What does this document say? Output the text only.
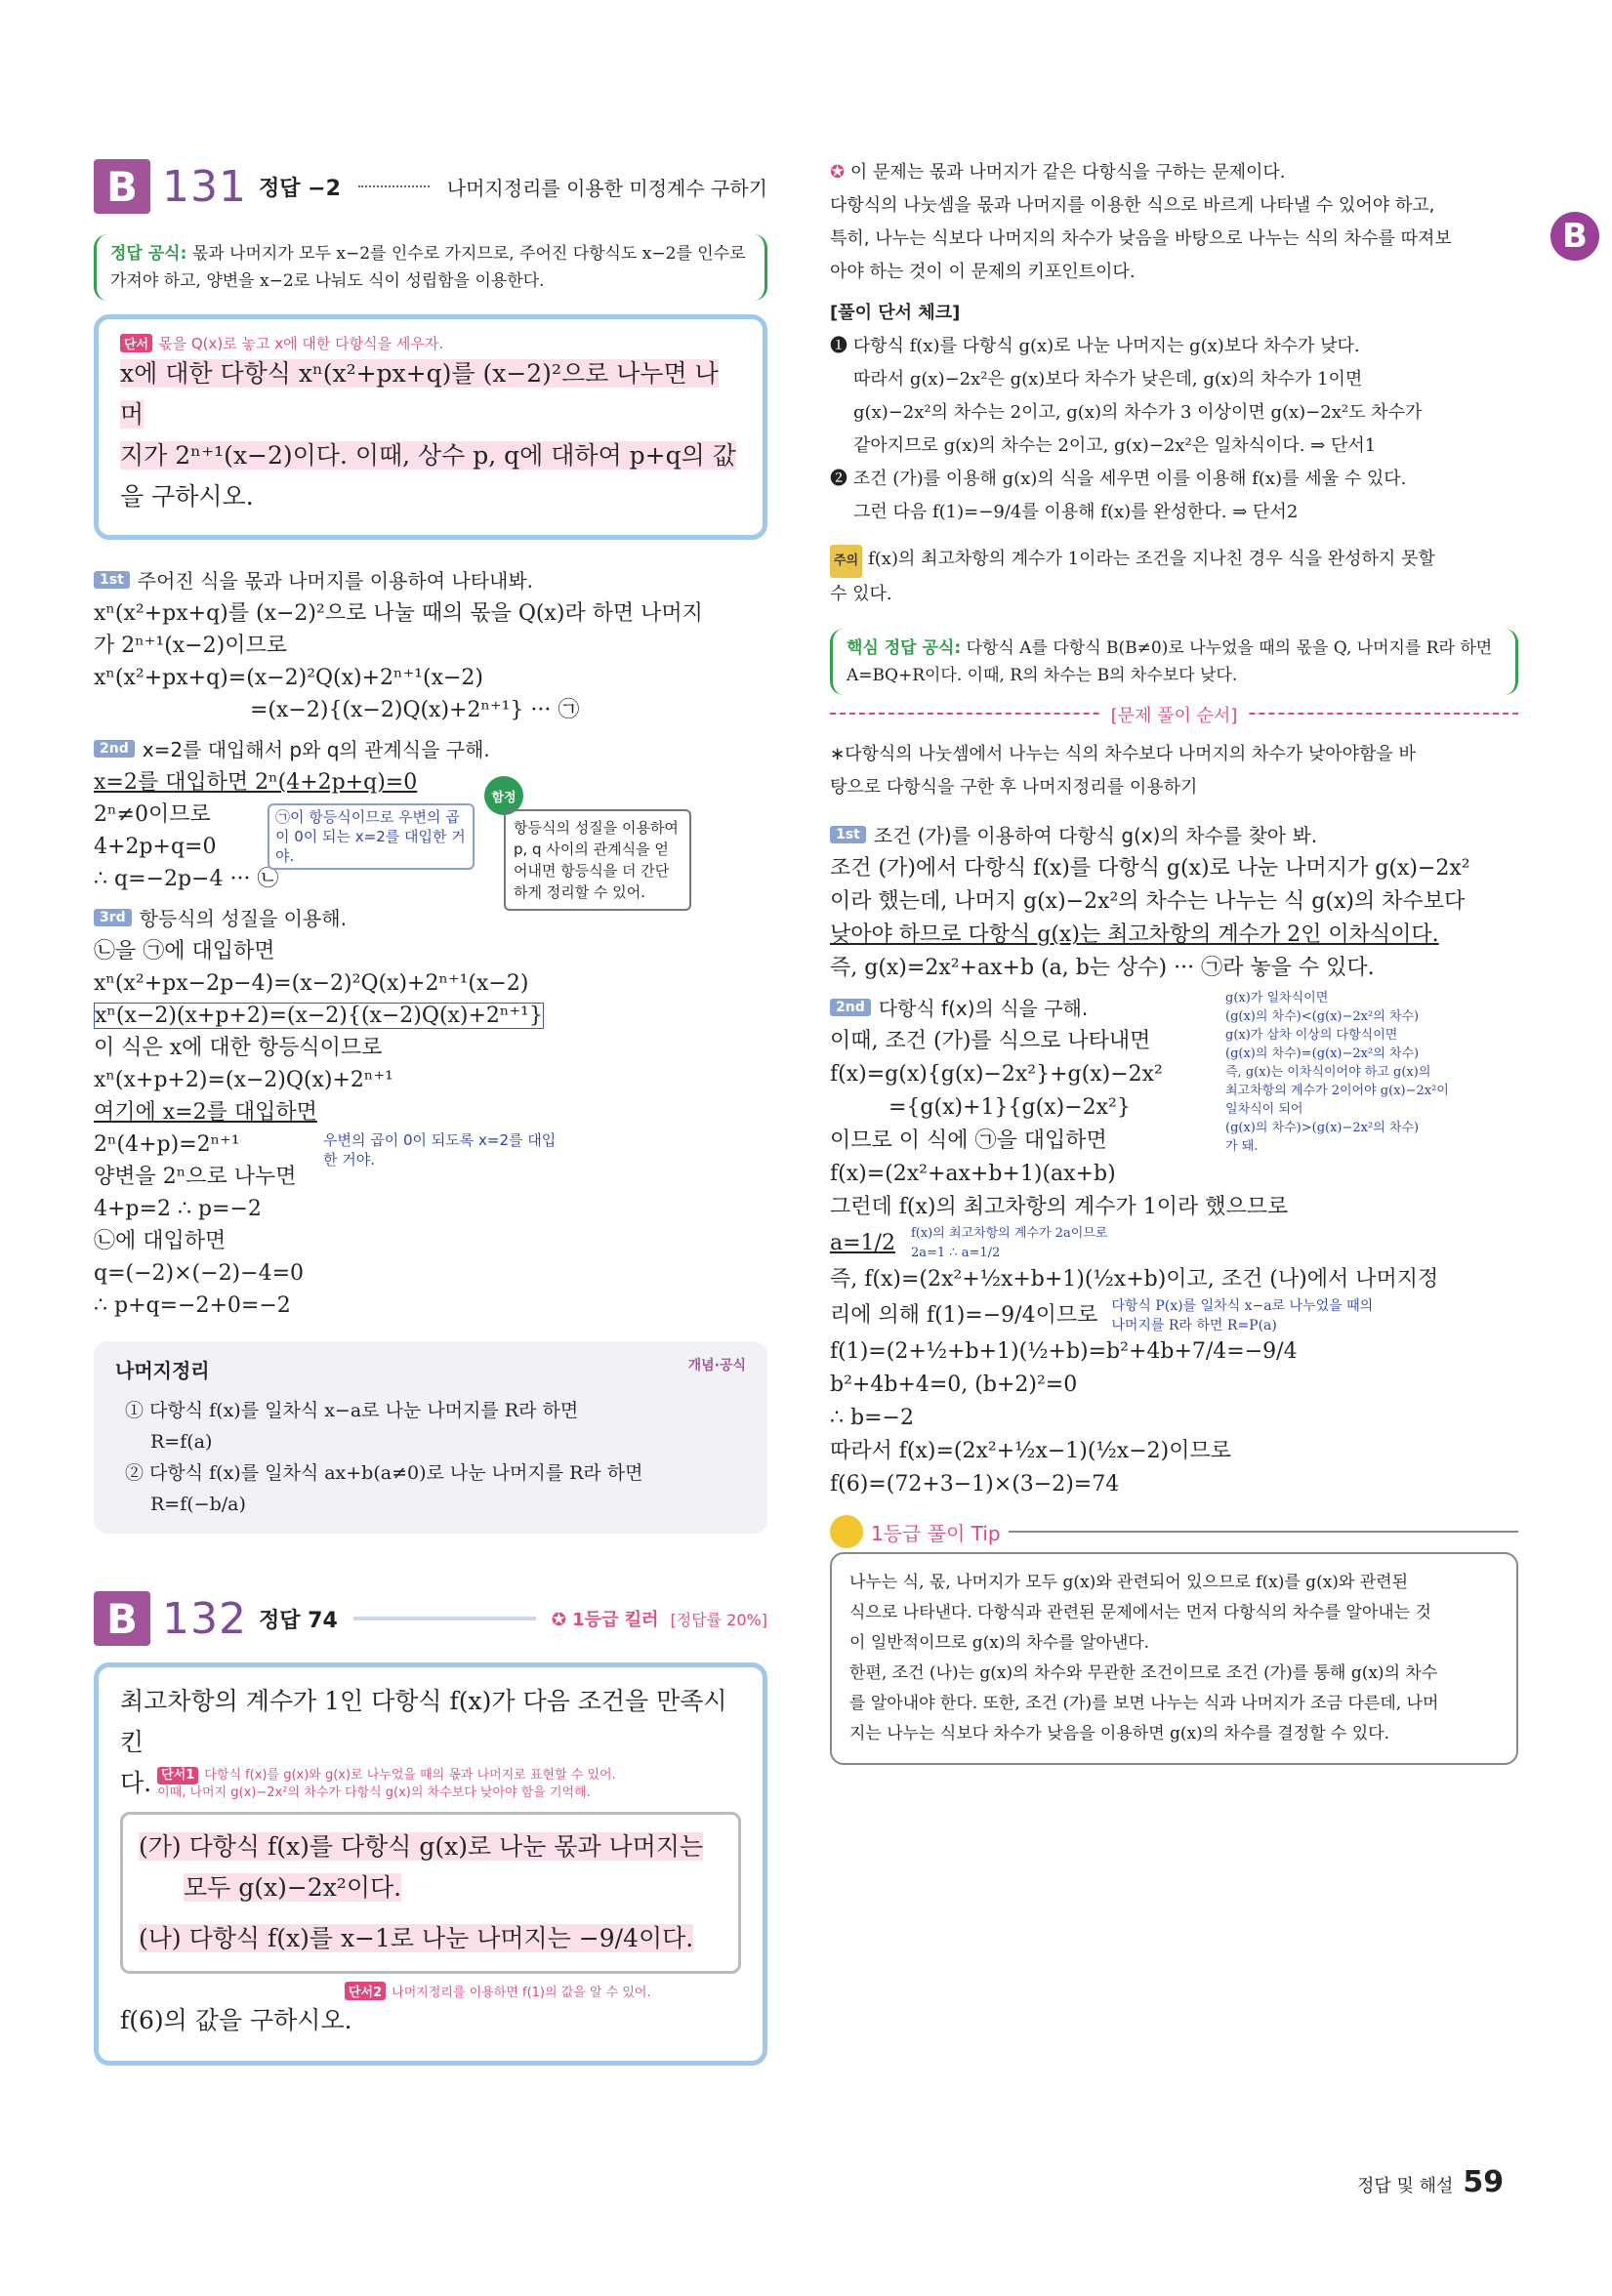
B
B 131 정답 −2	나머지정리를 이용한 미정계수 구하기
정답 공식: 몫과 나머지가 모두 x−2를 인수로 가지므로, 주어진 다항식도 x−2를 인수로 가져야 하고, 양변을 x−2로 나눠도 식이 성립함을 이용한다.
단서 몫을 Q(x)로 놓고 x에 대한 다항식을 세우자.
x에 대한 다항식 xⁿ(x²+px+q)를 (x−2)²으로 나누면 나머
지가 2ⁿ⁺¹(x−2)이다. 이때, 상수 p, q에 대하여 p+q의 값
을 구하시오.
1st 주어진 식을 몫과 나머지를 이용하여 나타내봐.
xⁿ(x²+px+q)를 (x−2)²으로 나눌 때의 몫을 Q(x)라 하면 나머지
가 2ⁿ⁺¹(x−2)이므로
xⁿ(x²+px+q)=(x−2)²Q(x)+2ⁿ⁺¹(x−2)
=(x−2){(x−2)Q(x)+2ⁿ⁺¹} ··· ㉠
2nd x=2를 대입해서 p와 q의 관계식을 구해.
x=2를 대입하면 2ⁿ(4+2p+q)=0
2ⁿ≠0이므로
4+2p+q=0
∴ q=−2p−4 ··· ㉡
㉠이 항등식이므로 우변의 곱이 0이 되는 x=2를 대입한 거야.
함정
항등식의 성질을 이용하여 p, q 사이의 관계식을 얻어내면 항등식을 더 간단하게 정리할 수 있어.
3rd 항등식의 성질을 이용해.
㉡을 ㉠에 대입하면
xⁿ(x²+px−2p−4)=(x−2)²Q(x)+2ⁿ⁺¹(x−2)
xⁿ(x−2)(x+p+2)=(x−2){(x−2)Q(x)+2ⁿ⁺¹}
이 식은 x에 대한 항등식이므로
xⁿ(x+p+2)=(x−2)Q(x)+2ⁿ⁺¹
여기에 x=2를 대입하면
2ⁿ(4+p)=2ⁿ⁺¹
양변을 2ⁿ으로 나누면
4+p=2 ∴ p=−2
㉡에 대입하면
q=(−2)×(−2)−4=0
∴ p+q=−2+0=−2
우변의 곱이 0이 되도록 x=2를 대입한 거야.
나머지정리	개념·공식
① 다항식 f(x)를 일차식 x−a로 나눈 나머지를 R라 하면
R=f(a)
② 다항식 f(x)를 일차식 ax+b(a≠0)로 나눈 나머지를 R라 하면
R=f(−b/a)
B 132 정답 74	✪ 1등급 킬러 [정답률 20%]
최고차항의 계수가 1인 다항식 f(x)가 다음 조건을 만족시킨
다. 단서1 다항식 f(x)를 g(x)와 g(x)로 나누었을 때의 몫과 나머지로 표현할 수 있어.
이때, 나머지 g(x)−2x²의 차수가 다항식 g(x)의 차수보다 낮아야 함을 기억해.
(가) 다항식 f(x)를 다항식 g(x)로 나눈 몫과 나머지는
모두 g(x)−2x²이다.
(나) 다항식 f(x)를 x−1로 나눈 나머지는 −9/4이다.
단서2 나머지정리를 이용하면 f(1)의 값을 알 수 있어.
f(6)의 값을 구하시오.
✪ 이 문제는 몫과 나머지가 같은 다항식을 구하는 문제이다.
다항식의 나눗셈을 몫과 나머지를 이용한 식으로 바르게 나타낼 수 있어야 하고,
특히, 나누는 식보다 나머지의 차수가 낮음을 바탕으로 나누는 식의 차수를 따져보
아야 하는 것이 이 문제의 키포인트이다.
[풀이 단서 체크]
❶ 다항식 f(x)를 다항식 g(x)로 나눈 나머지는 g(x)보다 차수가 낮다.
따라서 g(x)−2x²은 g(x)보다 차수가 낮은데, g(x)의 차수가 1이면
g(x)−2x²의 차수는 2이고, g(x)의 차수가 3 이상이면 g(x)−2x²도 차수가
같아지므로 g(x)의 차수는 2이고, g(x)−2x²은 일차식이다. ⇒ 단서1
❷ 조건 (가)를 이용해 g(x)의 식을 세우면 이를 이용해 f(x)를 세울 수 있다.
그런 다음 f(1)=−9/4를 이용해 f(x)를 완성한다. ⇒ 단서2
주의 f(x)의 최고차항의 계수가 1이라는 조건을 지나친 경우 식을 완성하지 못할
수 있다.
핵심 정답 공식: 다항식 A를 다항식 B(B≠0)로 나누었을 때의 몫을 Q, 나머지를 R라 하면 A=BQ+R이다. 이때, R의 차수는 B의 차수보다 낮다.
[문제 풀이 순서]
∗다항식의 나눗셈에서 나누는 식의 차수보다 나머지의 차수가 낮아야함을 바
탕으로 다항식을 구한 후 나머지정리를 이용하기
1st 조건 (가)를 이용하여 다항식 g(x)의 차수를 찾아 봐.
조건 (가)에서 다항식 f(x)를 다항식 g(x)로 나눈 나머지가 g(x)−2x²
이라 했는데, 나머지 g(x)−2x²의 차수는 나누는 식 g(x)의 차수보다
낮아야 하므로 다항식 g(x)는 최고차항의 계수가 2인 이차식이다.
즉, g(x)=2x²+ax+b (a, b는 상수) ··· ㉠라 놓을 수 있다.
2nd 다항식 f(x)의 식을 구해.	g(x)가 일차식이면
(g(x)의 차수)<(g(x)−2x²의 차수)
g(x)가 삼차 이상의 다항식이면
(g(x)의 차수)=(g(x)−2x²의 차수)
즉, g(x)는 이차식이어야 하고 g(x)의
최고차항의 계수가 2이어야 g(x)−2x²이
일차식이 되어
(g(x)의 차수)>(g(x)−2x²의 차수)
가 돼.
이때, 조건 (가)를 식으로 나타내면
f(x)=g(x){g(x)−2x²}+g(x)−2x²
={g(x)+1}{g(x)−2x²}
이므로 이 식에 ㉠을 대입하면
f(x)=(2x²+ax+b+1)(ax+b)
그런데 f(x)의 최고차항의 계수가 1이라 했으므로
a=1/2 f(x)의 최고차항의 계수가 2a이므로
2a=1 ∴ a=1/2
즉, f(x)=(2x²+½x+b+1)(½x+b)이고, 조건 (나)에서 나머지정
리에 의해 f(1)=−9/4이므로 다항식 P(x)를 일차식 x−a로 나누었을 때의
나머지를 R라 하면 R=P(a)
f(1)=(2+½+b+1)(½+b)=b²+4b+7/4=−9/4
b²+4b+4=0, (b+2)²=0
∴ b=−2
따라서 f(x)=(2x²+½x−1)(½x−2)이므로
f(6)=(72+3−1)×(3−2)=74
1등급 풀이 Tip
나누는 식, 몫, 나머지가 모두 g(x)와 관련되어 있으므로 f(x)를 g(x)와 관련된
식으로 나타낸다. 다항식과 관련된 문제에서는 먼저 다항식의 차수를 알아내는 것
이 일반적이므로 g(x)의 차수를 알아낸다.
한편, 조건 (나)는 g(x)의 차수와 무관한 조건이므로 조건 (가)를 통해 g(x)의 차수
를 알아내야 한다. 또한, 조건 (가)를 보면 나누는 식과 나머지가 조금 다른데, 나머
지는 나누는 식보다 차수가 낮음을 이용하면 g(x)의 차수를 결정할 수 있다.
정답 및 해설 59
